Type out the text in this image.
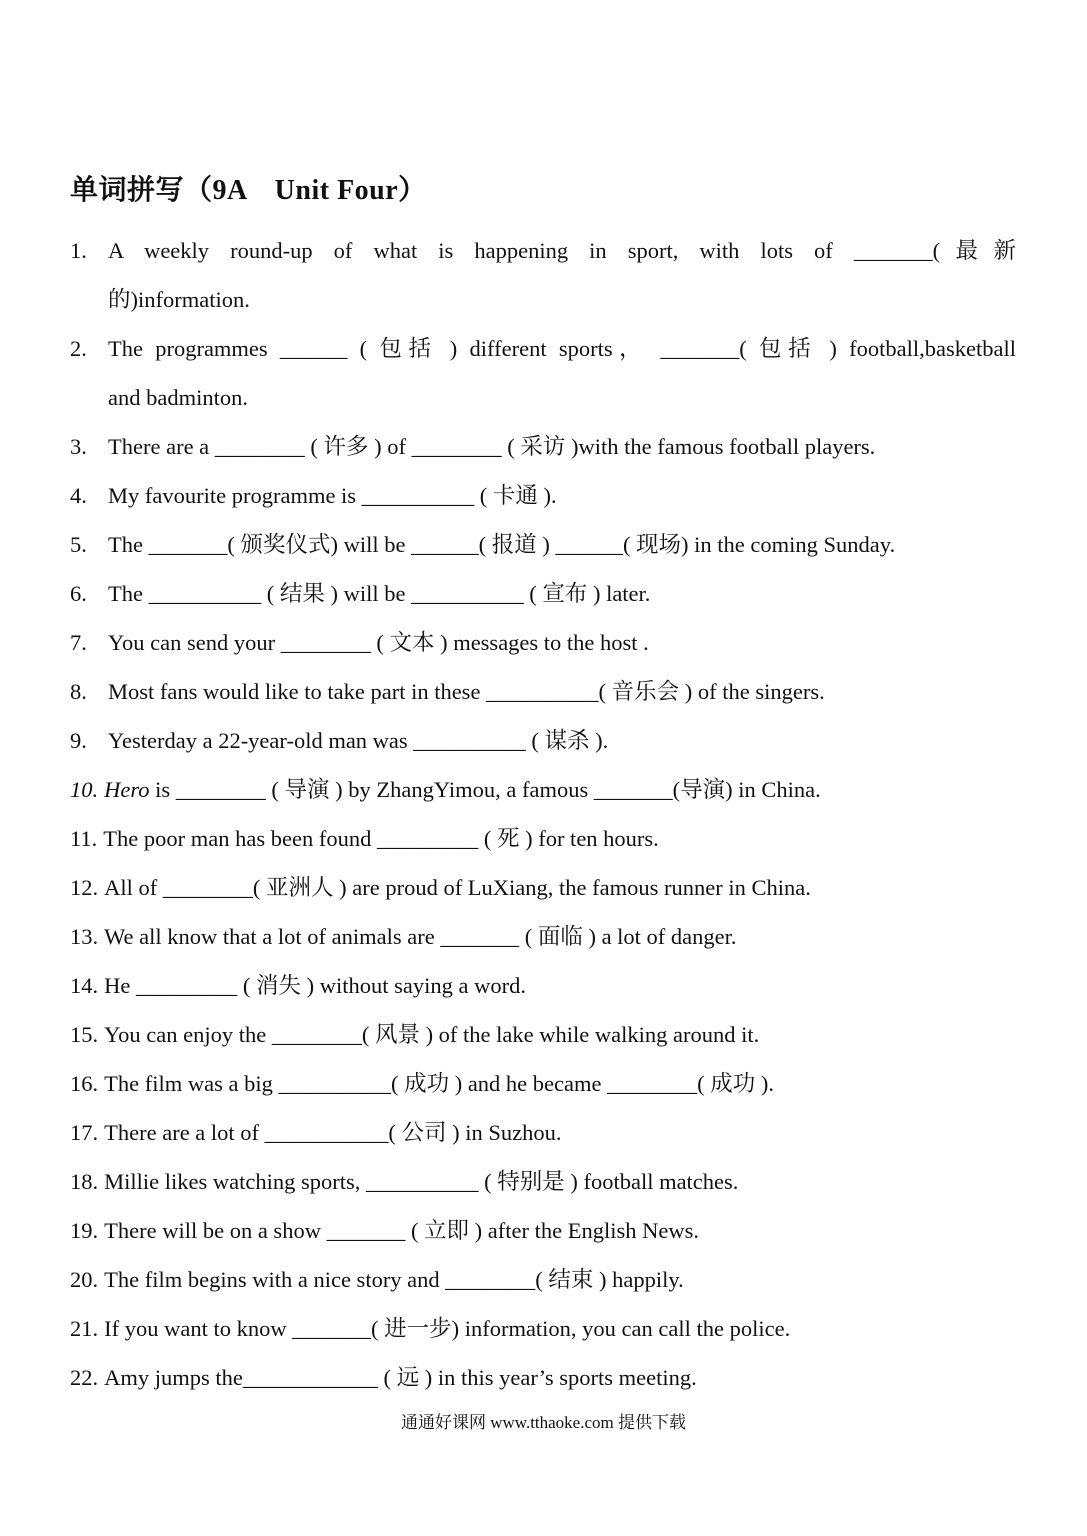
单词拼写（9A　Unit Four）
1. A weekly round-up of what is happening in sport, with lots of _______(最新
的)information.
2. The programmes ______ ( 包括 ) different sports， _______( 包括 ) football,basketball
and badminton.
3. There are a ________ ( 许多 ) of ________ ( 采访 )with the famous football players.
4. My favourite programme is __________ ( 卡通 ).
5. The _______( 颁奖仪式) will be ______( 报道 ) ______( 现场) in the coming Sunday.
6. The __________ ( 结果 ) will be __________ ( 宣布 ) later.
7. You can send your ________ ( 文本 ) messages to the host .
8. Most fans would like to take part in these __________( 音乐会 ) of the singers.
9. Yesterday a 22-year-old man was __________ ( 谋杀 ).
10. Hero is ________ ( 导演 ) by ZhangYimou, a famous _______(导演) in China.
11. The poor man has been found _________ ( 死 ) for ten hours.
12. All of ________( 亚洲人 ) are proud of LuXiang, the famous runner in China.
13. We all know that a lot of animals are _______ ( 面临 ) a lot of danger.
14. He _________ ( 消失 ) without saying a word.
15. You can enjoy the ________( 风景 ) of the lake while walking around it.
16. The film was a big __________( 成功 ) and he became ________( 成功 ).
17. There are a lot of ___________( 公司 ) in Suzhou.
18. Millie likes watching sports, __________ ( 特别是 ) football matches.
19. There will be on a show _______ ( 立即 ) after the English News.
20. The film begins with a nice story and ________( 结束 ) happily.
21. If you want to know _______( 进一步) information, you can call the police.
22. Amy jumps the____________ ( 远 ) in this year’s sports meeting.
通通好课网 www.tthaoke.com 提供下载
